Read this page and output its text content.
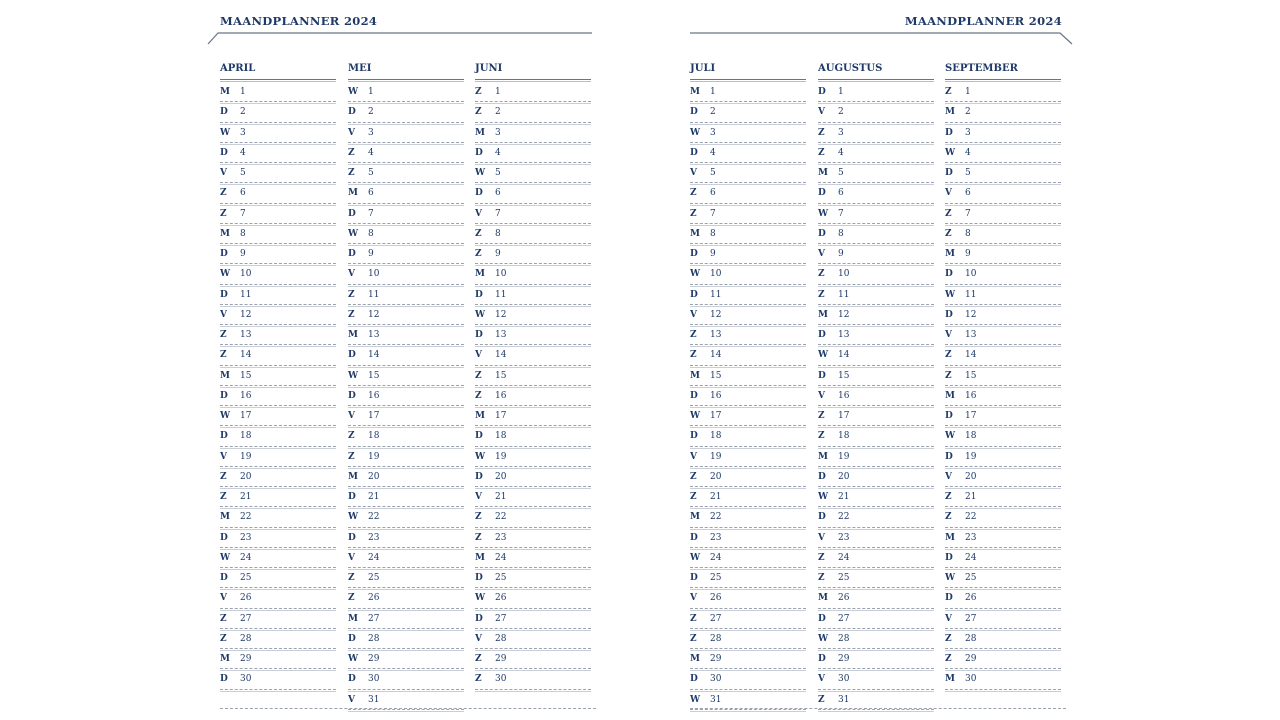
MAANDPLANNER 2024
APRIL
M	1
D	2
W	3
D	4
V	5
Z	6
Z	7
M	8
D	9
W	10
D	11
V	12
Z	13
Z	14
M	15
D	16
W	17
D	18
V	19
Z	20
Z	21
M	22
D	23
W	24
D	25
V	26
Z	27
Z	28
M	29
D	30
MEI
W	1
D	2
V	3
Z	4
Z	5
M	6
D	7
W	8
D	9
V	10
Z	11
Z	12
M	13
D	14
W	15
D	16
V	17
Z	18
Z	19
M	20
D	21
W	22
D	23
V	24
Z	25
Z	26
M	27
D	28
W	29
D	30
V	31
JUNI
Z	1
Z	2
M	3
D	4
W	5
D	6
V	7
Z	8
Z	9
M	10
D	11
W	12
D	13
V	14
Z	15
Z	16
M	17
D	18
W	19
D	20
V	21
Z	22
Z	23
M	24
D	25
W	26
D	27
V	28
Z	29
Z	30
MAANDPLANNER 2024
JULI
M	1
D	2
W	3
D	4
V	5
Z	6
Z	7
M	8
D	9
W	10
D	11
V	12
Z	13
Z	14
M	15
D	16
W	17
D	18
V	19
Z	20
Z	21
M	22
D	23
W	24
D	25
V	26
Z	27
Z	28
M	29
D	30
W	31
AUGUSTUS
D	1
V	2
Z	3
Z	4
M	5
D	6
W	7
D	8
V	9
Z	10
Z	11
M	12
D	13
W	14
D	15
V	16
Z	17
Z	18
M	19
D	20
W	21
D	22
V	23
Z	24
Z	25
M	26
D	27
W	28
D	29
V	30
Z	31
SEPTEMBER
Z	1
M	2
D	3
W	4
D	5
V	6
Z	7
Z	8
M	9
D	10
W	11
D	12
V	13
Z	14
Z	15
M	16
D	17
W	18
D	19
V	20
Z	21
Z	22
M	23
D	24
W	25
D	26
V	27
Z	28
Z	29
M	30
